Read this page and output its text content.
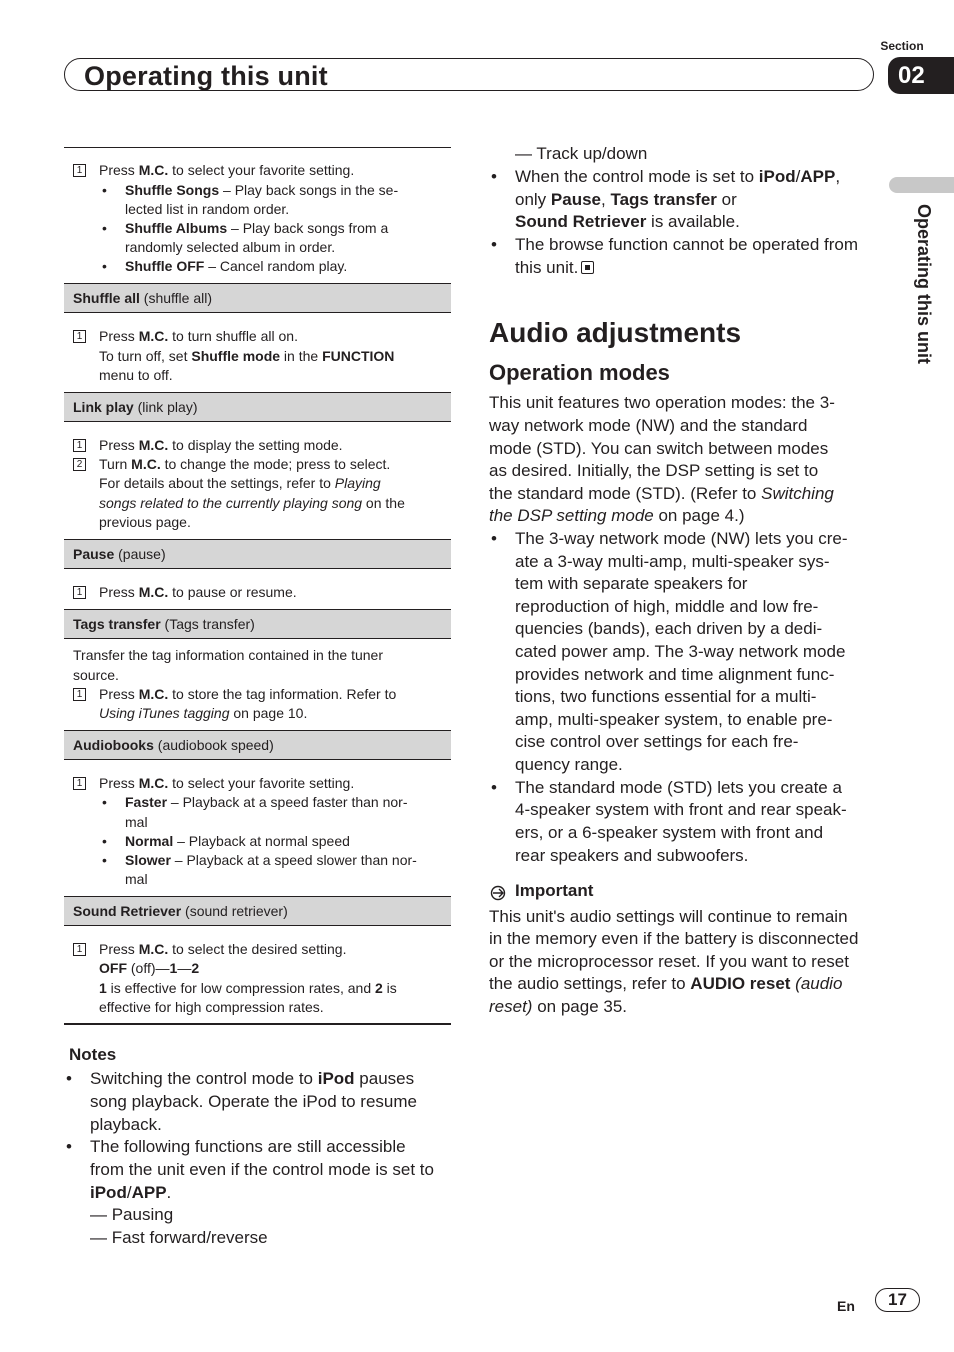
Operating this unit
Section
02
Operating this unit
1 Press M.C. to select your favorite setting.
• Shuffle Songs – Play back songs in the se-
lected list in random order.
• Shuffle Albums – Play back songs from a
randomly selected album in order.
• Shuffle OFF – Cancel random play.
Shuffle all (shuffle all)
1 Press M.C. to turn shuffle all on.
To turn off, set Shuffle mode in the FUNCTION
menu to off.
Link play (link play)
1 Press M.C. to display the setting mode.
2 Turn M.C. to change the mode; press to select.
For details about the settings, refer to Playing
songs related to the currently playing song on the
previous page.
Pause (pause)
1 Press M.C. to pause or resume.
Tags transfer (Tags transfer)
Transfer the tag information contained in the tuner
source.
1 Press M.C. to store the tag information. Refer to
Using iTunes tagging on page 10.
Audiobooks (audiobook speed)
1 Press M.C. to select your favorite setting.
• Faster – Playback at a speed faster than nor-
mal
• Normal – Playback at normal speed
• Slower – Playback at a speed slower than nor-
mal
Sound Retriever (sound retriever)
1 Press M.C. to select the desired setting.
OFF (off)—1—2
1 is effective for low compression rates, and 2 is
effective for high compression rates.
Notes
• Switching the control mode to iPod pauses
song playback. Operate the iPod to resume
playback.
• The following functions are still accessible
from the unit even if the control mode is set to
iPod/APP.
— Pausing
— Fast forward/reverse
— Track up/down
• When the control mode is set to iPod/APP,
only Pause, Tags transfer or
Sound Retriever is available.
• The browse function cannot be operated from
this unit.
Audio adjustments
Operation modes
This unit features two operation modes: the 3-
way network mode (NW) and the standard
mode (STD). You can switch between modes
as desired. Initially, the DSP setting is set to
the standard mode (STD). (Refer to Switching
the DSP setting mode on page 4.)
• The 3-way network mode (NW) lets you cre-
ate a 3-way multi-amp, multi-speaker sys-
tem with separate speakers for
reproduction of high, middle and low fre-
quencies (bands), each driven by a dedi-
cated power amp. The 3-way network mode
provides network and time alignment func-
tions, two functions essential for a multi-
amp, multi-speaker system, to enable pre-
cise control over settings for each fre-
quency range.
• The standard mode (STD) lets you create a
4-speaker system with front and rear speak-
ers, or a 6-speaker system with front and
rear speakers and subwoofers.
Important
This unit's audio settings will continue to remain
in the memory even if the battery is disconnected
or the microprocessor reset. If you want to reset
the audio settings, refer to AUDIO reset (audio
reset) on page 35.
En	17
